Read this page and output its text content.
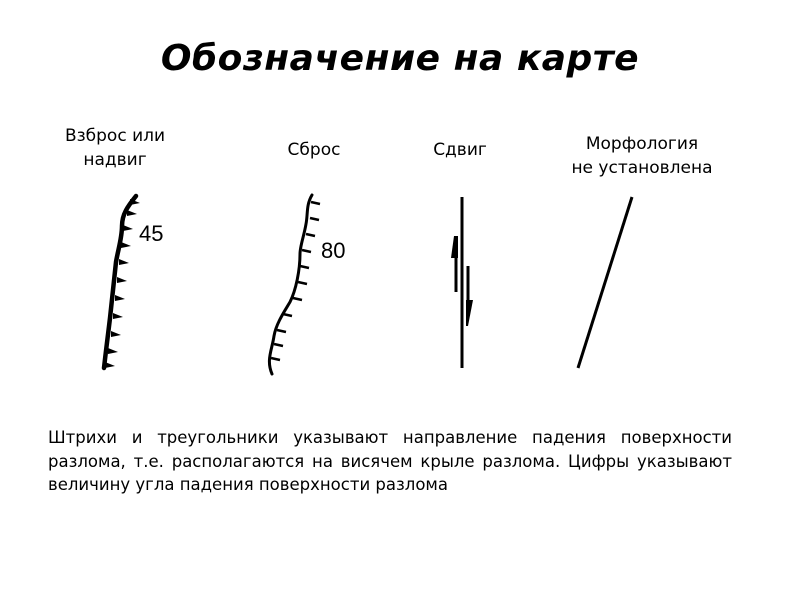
Обозначение на карте
Взброс или
надвиг	Сброс	Сдвиг	Морфология
не установлена
45
80
Штрихи и треугольники указывают направление падения поверхности разлома, т.е. располагаются на висячем крыле разлома. Цифры указывают величину угла падения поверхности разлома
